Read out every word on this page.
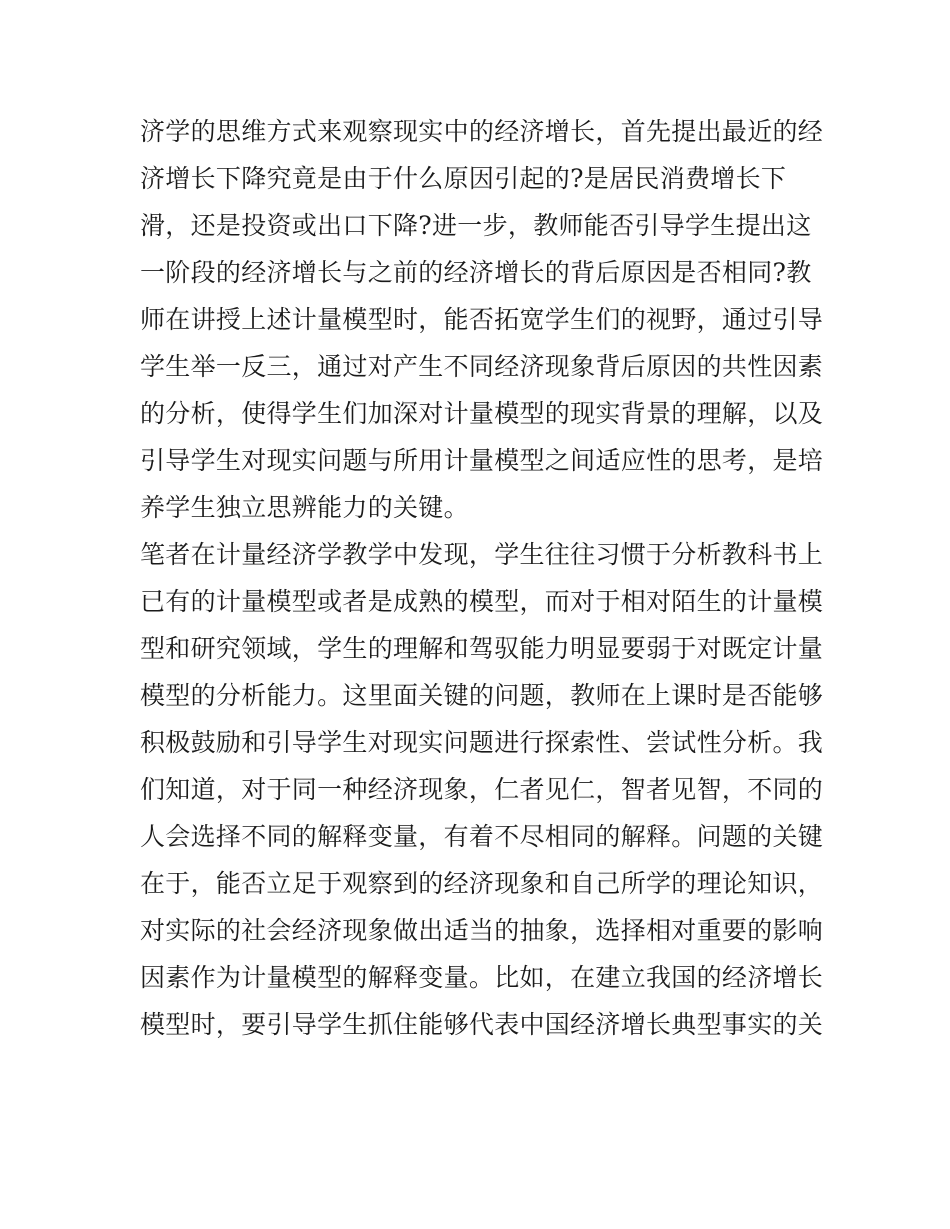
济学的思维方式来观察现实中的经济增长，首先提出最近的经
济增长下降究竟是由于什么原因引起的?是居民消费增长下
滑，还是投资或出口下降?进一步，教师能否引导学生提出这
一阶段的经济增长与之前的经济增长的背后原因是否相同?教
师在讲授上述计量模型时，能否拓宽学生们的视野，通过引导
学生举一反三，通过对产生不同经济现象背后原因的共性因素
的分析，使得学生们加深对计量模型的现实背景的理解，以及
引导学生对现实问题与所用计量模型之间适应性的思考，是培
养学生独立思辨能力的关键。
笔者在计量经济学教学中发现，学生往往习惯于分析教科书上
已有的计量模型或者是成熟的模型，而对于相对陌生的计量模
型和研究领域，学生的理解和驾驭能力明显要弱于对既定计量
模型的分析能力。这里面关键的问题，教师在上课时是否能够
积极鼓励和引导学生对现实问题进行探索性、尝试性分析。我
们知道，对于同一种经济现象，仁者见仁，智者见智，不同的
人会选择不同的解释变量，有着不尽相同的解释。问题的关键
在于，能否立足于观察到的经济现象和自己所学的理论知识，
对实际的社会经济现象做出适当的抽象，选择相对重要的影响
因素作为计量模型的解释变量。比如，在建立我国的经济增长
模型时，要引导学生抓住能够代表中国经济增长典型事实的关
